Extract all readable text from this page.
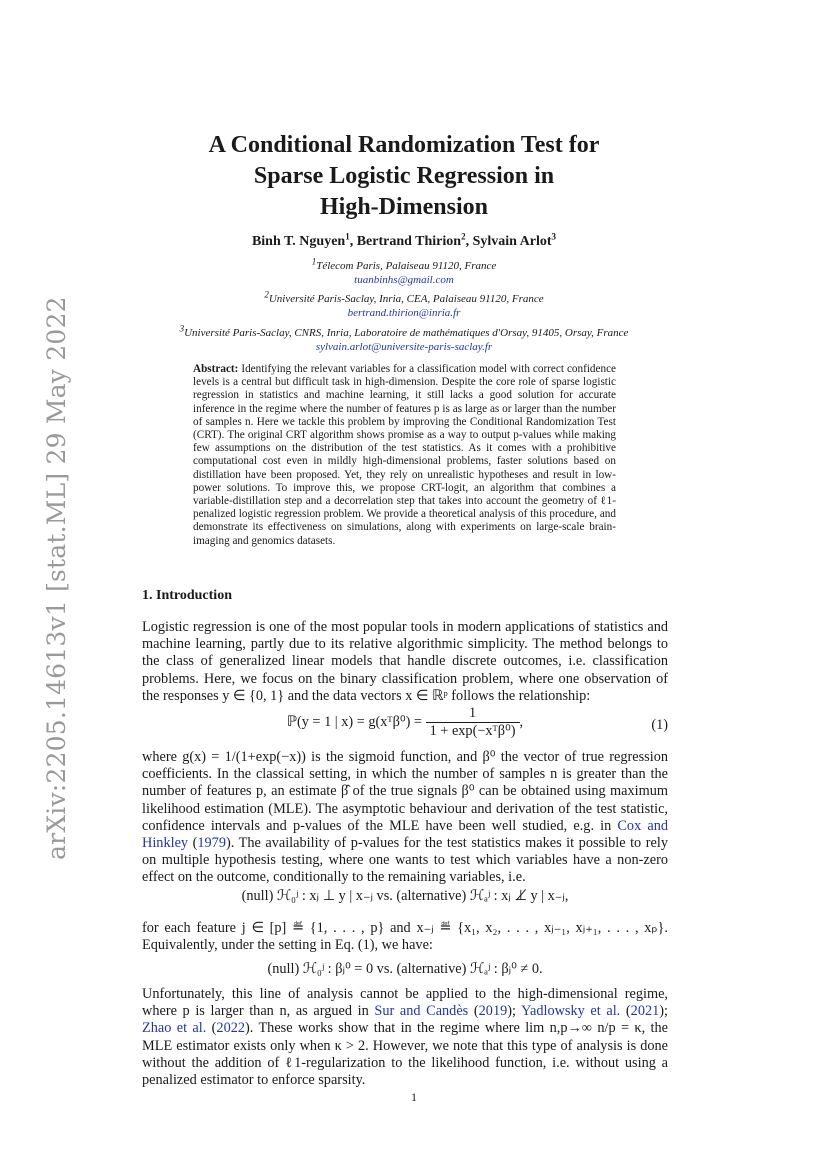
arXiv:2205.14613v1 [stat.ML] 29 May 2022
A Conditional Randomization Test for
Sparse Logistic Regression in
High-Dimension
Binh T. Nguyen$^1$, Bertrand Thirion$^2$, Sylvain Arlot$^3$
$^1$Télecom Paris, Palaiseau 91120, France
tuanbinhs@gmail.com
$^2$Université Paris-Saclay, Inria, CEA, Palaiseau 91120, France
bertrand.thirion@inria.fr
$^3$Université Paris-Saclay, CNRS, Inria, Laboratoire de mathématiques d'Orsay, 91405, Orsay, France
sylvain.arlot@universite-paris-saclay.fr
Abstract: Identifying the relevant variables for a classification model with correct confidence levels is a central but difficult task in high-dimension. Despite the core role of sparse logistic regression in statistics and machine learning, it still lacks a good solution for accurate inference in the regime where the number of features p is as large as or larger than the number of samples n. Here we tackle this problem by improving the Conditional Randomization Test (CRT). The original CRT algorithm shows promise as a way to output p-values while making few assumptions on the distribution of the test statistics. As it comes with a prohibitive computational cost even in mildly high-dimensional problems, faster solutions based on distillation have been proposed. Yet, they rely on unrealistic hypotheses and result in low-power solutions. To improve this, we propose CRT-logit, an algorithm that combines a variable-distillation step and a decorrelation step that takes into account the geometry of ℓ1-penalized logistic regression problem. We provide a theoretical analysis of this procedure, and demonstrate its effectiveness on simulations, along with experiments on large-scale brain-imaging and genomics datasets.
1. Introduction
Logistic regression is one of the most popular tools in modern applications of statistics and machine learning, partly due to its relative algorithmic simplicity. The method belongs to the class of generalized linear models that handle discrete outcomes, i.e. classification problems. Here, we focus on the binary classification problem, where one observation of the responses y ∈ {0, 1} and the data vectors x ∈ ℝᵖ follows the relationship:
ℙ(y = 1 | x) = g(xᵀβ⁰) = $\frac{1}{\text{1 + exp(−xᵀβ⁰)}}$ ,	(1)
where g(x) = 1/(1+exp(−x)) is the sigmoid function, and β⁰ the vector of true regression coefficients. In the classical setting, in which the number of samples n is greater than the number of features p, an estimate β̂ of the true signals β⁰ can be obtained using maximum likelihood estimation (MLE). The asymptotic behaviour and derivation of the test statistic, confidence intervals and p-values of the MLE have been well studied, e.g. in Cox and Hinkley (1979). The availability of p-values for the test statistics makes it possible to rely on multiple hypothesis testing, where one wants to test which variables have a non-zero effect on the outcome, conditionally to the remaining variables, i.e.
(null) ℋ₀ʲ : xⱼ ⊥ y | x₋ⱼ vs. (alternative) ℋₐʲ : xⱼ ⊥̸ y | x₋ⱼ,
for each feature j ∈ [p] ≝ {1, . . . , p} and x₋ⱼ ≝ {x₁, x₂, . . . , xⱼ₋₁, xⱼ₊₁, . . . , xₚ}. Equivalently, under the setting in Eq. (1), we have:
(null) ℋ₀ʲ : βⱼ⁰ = 0 vs. (alternative) ℋₐʲ : βⱼ⁰ ≠ 0.
Unfortunately, this line of analysis cannot be applied to the high-dimensional regime, where p is larger than n, as argued in Sur and Candès (2019); Yadlowsky et al. (2021); Zhao et al. (2022). These works show that in the regime where lim n,p→∞ n/p = κ, the MLE estimator exists only when κ > 2. However, we note that this type of analysis is done without the addition of ℓ1-regularization to the likelihood function, i.e. without using a penalized estimator to enforce sparsity.
1
